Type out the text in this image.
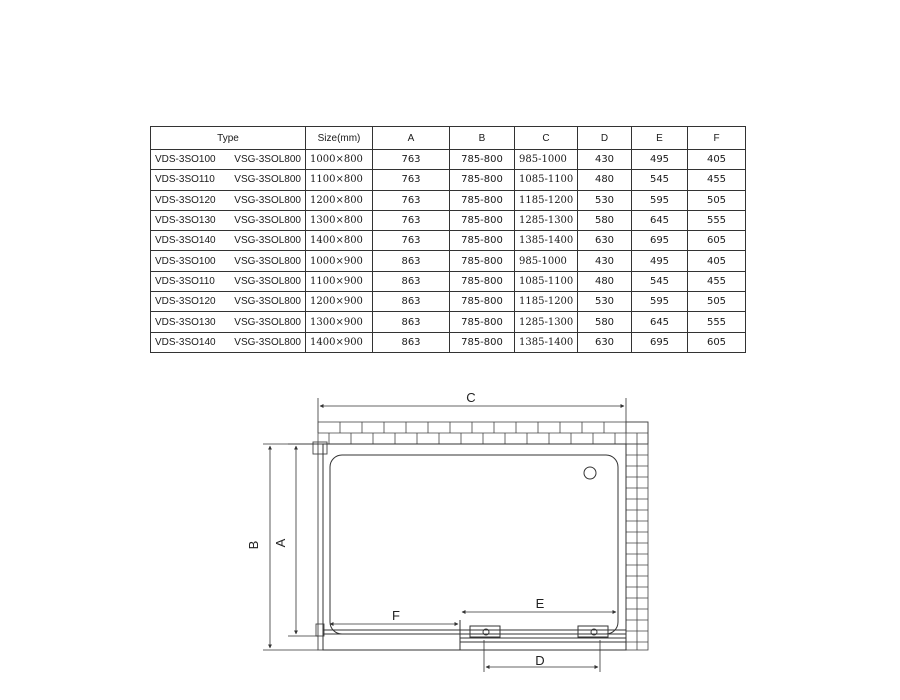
Type	Size(mm)	A	B	C	D	E	F

VDS-3SO100 VSG-3SOL800	1000×800	763	785-800	985-1000	430	495	405

VDS-3SO110 VSG-3SOL800	1100×800	763	785-800	1085-1100	480	545	455

VDS-3SO120 VSG-3SOL800	1200×800	763	785-800	1185-1200	530	595	505

VDS-3SO130 VSG-3SOL800	1300×800	763	785-800	1285-1300	580	645	555

VDS-3SO140 VSG-3SOL800	1400×800	763	785-800	1385-1400	630	695	605

VDS-3SO100 VSG-3SOL800	1000×900	863	785-800	985-1000	430	495	405

VDS-3SO110 VSG-3SOL800	1100×900	863	785-800	1085-1100	480	545	455

VDS-3SO120 VSG-3SOL800	1200×900	863	785-800	1185-1200	530	595	505

VDS-3SO130 VSG-3SOL800	1300×900	863	785-800	1285-1300	580	645	555

VDS-3SO140 VSG-3SOL800	1400×900	863	785-800	1385-1400	630	695	605
C
B A
F
E
D
